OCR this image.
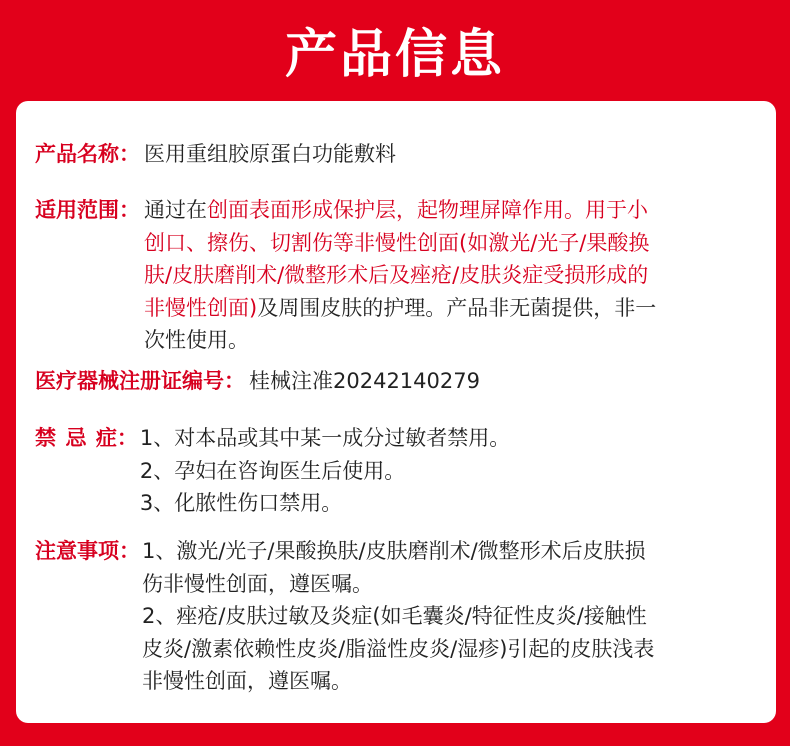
产品信息
产品名称： 医用重组胶原蛋白功能敷料
适用范围： 通过在创面表面形成保护层，起物理屏障作用。用于小
创口、擦伤、切割伤等非慢性创面(如激光/光子/果酸换
肤/皮肤磨削术/微整形术后及痤疮/皮肤炎症受损形成的
非慢性创面)及周围皮肤的护理。产品非无菌提供，非一
次性使用。
医疗器械注册证编号： 桂械注准20242140279
禁 忌 症： 1、对本品或其中某一成分过敏者禁用。
2、孕妇在咨询医生后使用。
3、化脓性伤口禁用。
注意事项： 1、激光/光子/果酸换肤/皮肤磨削术/微整形术后皮肤损
伤非慢性创面，遵医嘱。
2、痤疮/皮肤过敏及炎症(如毛囊炎/特征性皮炎/接触性
皮炎/激素依赖性皮炎/脂溢性皮炎/湿疹)引起的皮肤浅表
非慢性创面，遵医嘱。
